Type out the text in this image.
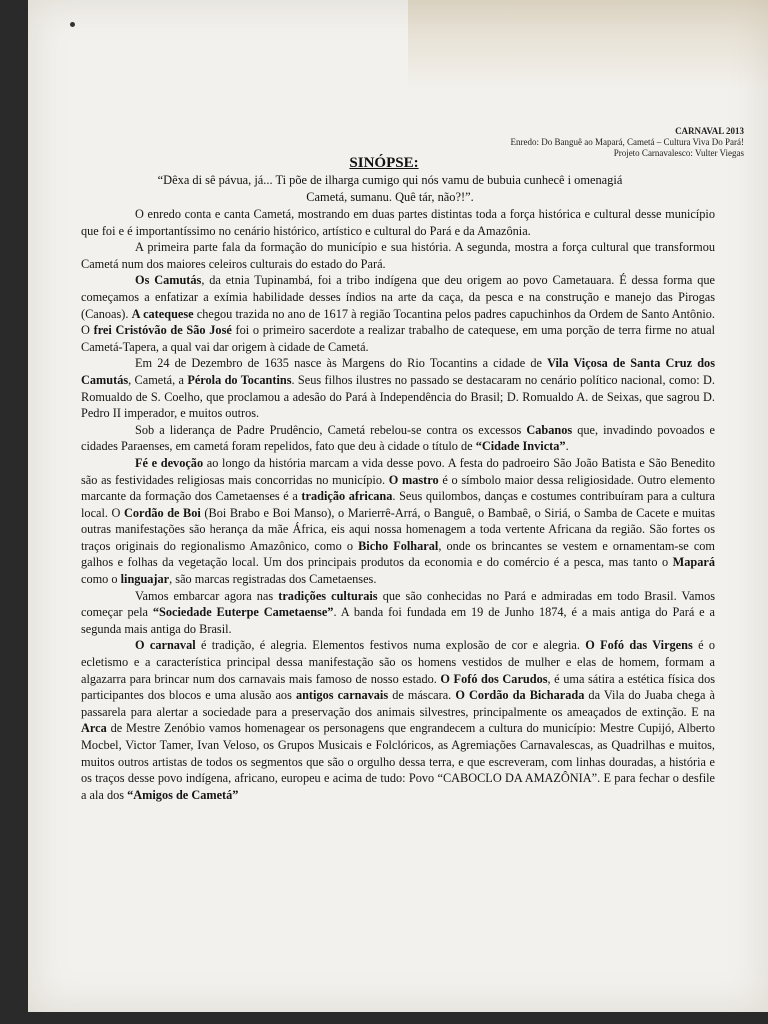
CARNAVAL 2013
Enredo: Do Banguê ao Mapará, Cametá – Cultura Viva Do Pará!
Projeto Carnavalesco: Vulter Viegas
SINÓPSE:
“Dêxa di sê pávua, já... Ti põe de ilharga cumigo qui nós vamu de bubuia cunhecê i omenagiá
Cametá, sumanu. Quê tár, não?!”.

O enredo conta e canta Cametá, mostrando em duas partes distintas toda a força histórica e cultural desse município que foi e é importantíssimo no cenário histórico, artístico e cultural do Pará e da Amazônia.

A primeira parte fala da formação do município e sua história. A segunda, mostra a força cultural que transformou Cametá num dos maiores celeiros culturais do estado do Pará.

Os Camutás, da etnia Tupinambá, foi a tribo indígena que deu origem ao povo Cametauara. É dessa forma que começamos a enfatizar a exímia habilidade desses índios na arte da caça, da pesca e na construção e manejo das Pirogas (Canoas). A catequese chegou trazida no ano de 1617 à região Tocantina pelos padres capuchinhos da Ordem de Santo Antônio. O frei Cristóvão de São José foi o primeiro sacerdote a realizar trabalho de catequese, em uma porção de terra firme no atual Cametá-Tapera, a qual vai dar origem à cidade de Cametá.

Em 24 de Dezembro de 1635 nasce às Margens do Rio Tocantins a cidade de Vila Viçosa de Santa Cruz dos Camutás, Cametá, a Pérola do Tocantins. Seus filhos ilustres no passado se destacaram no cenário político nacional, como: D. Romualdo de S. Coelho, que proclamou a adesão do Pará à Independência do Brasil; D. Romualdo A. de Seixas, que sagrou D. Pedro II imperador, e muitos outros.

Sob a liderança de Padre Prudêncio, Cametá rebelou-se contra os excessos Cabanos que, invadindo povoados e cidades Paraenses, em cametá foram repelidos, fato que deu à cidade o título de “Cidade Invicta”.

Fé e devoção ao longo da história marcam a vida desse povo. A festa do padroeiro São João Batista e São Benedito são as festividades religiosas mais concorridas no município. O mastro é o símbolo maior dessa religiosidade. Outro elemento marcante da formação dos Cametaenses é a tradição africana. Seus quilombos, danças e costumes contribuíram para a cultura local. O Cordão de Boi (Boi Brabo e Boi Manso), o Marierrê-Arrá, o Banguê, o Bambaê, o Siriá, o Samba de Cacete e muitas outras manifestações são herança da mãe África, eis aqui nossa homenagem a toda vertente Africana da região. São fortes os traços originais do regionalismo Amazônico, como o Bicho Folharal, onde os brincantes se vestem e ornamentam-se com galhos e folhas da vegetação local. Um dos principais produtos da economia e do comércio é a pesca, mas tanto o Mapará como o linguajar, são marcas registradas dos Cametaenses.

Vamos embarcar agora nas tradições culturais que são conhecidas no Pará e admiradas em todo Brasil. Vamos começar pela “Sociedade Euterpe Cametaense”. A banda foi fundada em 19 de Junho 1874, é a mais antiga do Pará e a segunda mais antiga do Brasil.

O carnaval é tradição, é alegria. Elementos festivos numa explosão de cor e alegria. O Fofó das Virgens é o ecletismo e a característica principal dessa manifestação são os homens vestidos de mulher e elas de homem, formam a algazarra para brincar num dos carnavais mais famoso de nosso estado. O Fofó dos Carudos, é uma sátira a estética física dos participantes dos blocos e uma alusão aos antigos carnavais de máscara. O Cordão da Bicharada da Vila do Juaba chega à passarela para alertar a sociedade para a preservação dos animais silvestres, principalmente os ameaçados de extinção. E na Arca de Mestre Zenóbio vamos homenagear os personagens que engrandecem a cultura do município: Mestre Cupijó, Alberto Mocbel, Victor Tamer, Ivan Veloso, os Grupos Musicais e Folclóricos, as Agremiações Carnavalescas, as Quadrilhas e muitos, muitos outros artistas de todos os segmentos que são o orgulho dessa terra, e que escreveram, com linhas douradas, a história e os traços desse povo indígena, africano, europeu e acima de tudo: Povo “CABOCLO DA AMAZÔNIA”. E para fechar o desfile a ala dos “Amigos de Cametá”
